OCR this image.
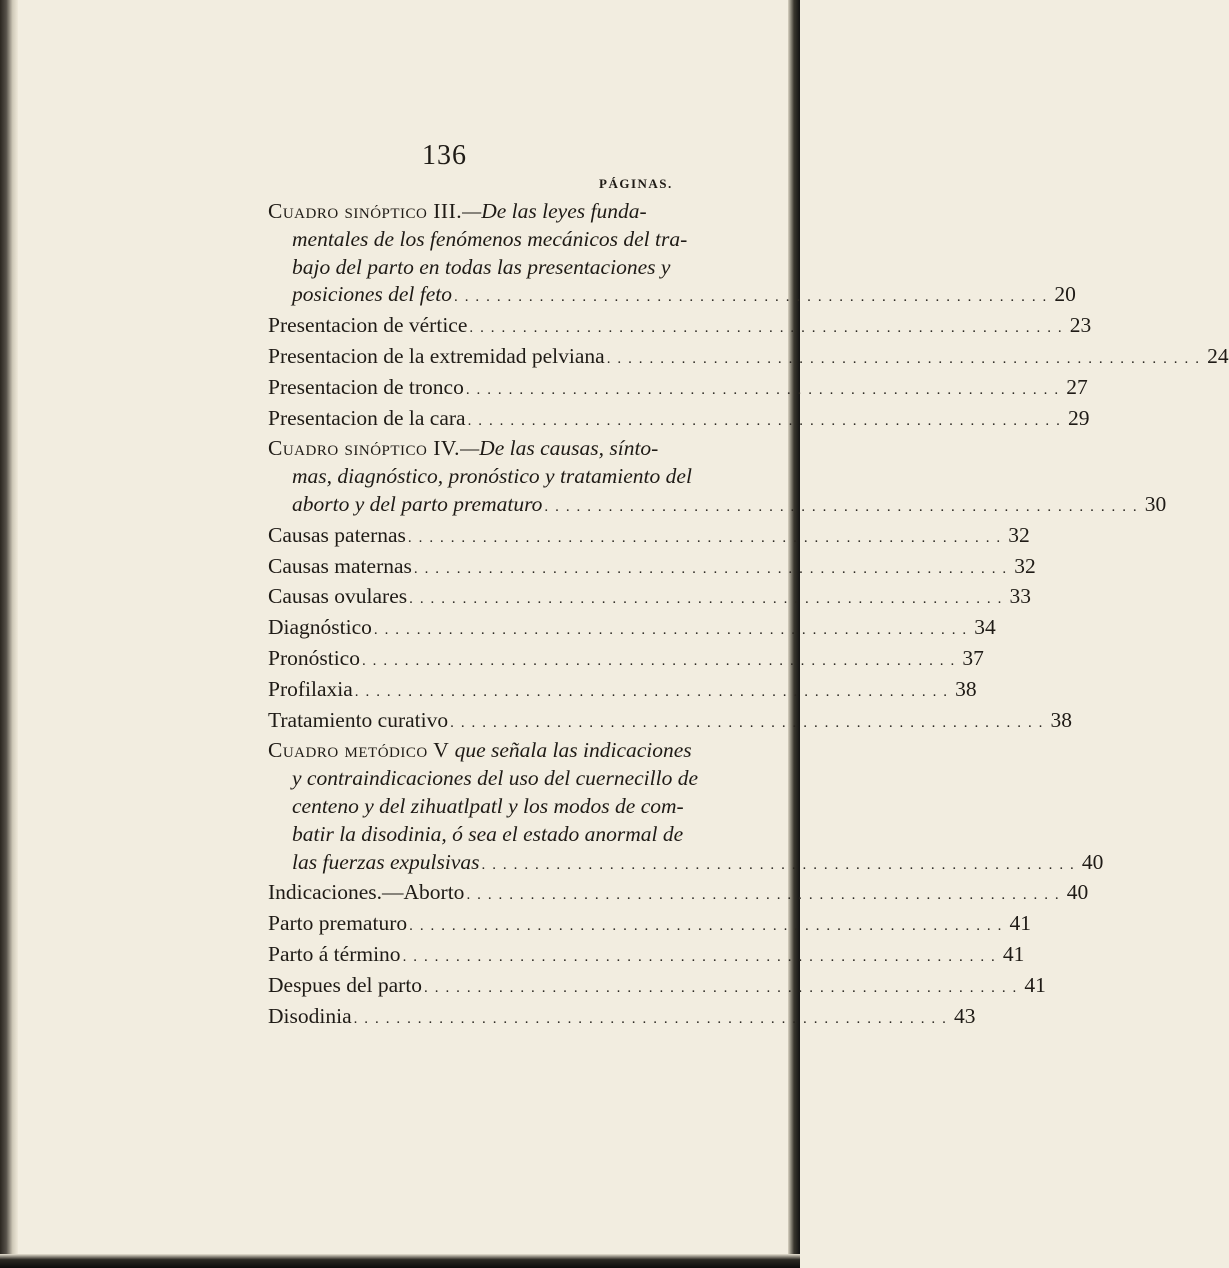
136
PÁGINAS.
Cuadro sinóptico III.—De las leyes funda-
mentales de los fenómenos mecánicos del tra-
bajo del parto en todas las presentaciones y
posiciones del feto . . . . . . . . . . . . . . . . . . . . . . . . . . . . . . . . . . . . . . . . . . . . . . . . . . . . . . . . 20
Presentacion de vértice . . . . . . . . . . . . . . . . . . . . . . . . . . . . . . . . . . . . . . . . . . . . . . . . . . . . . . . . 23
Presentacion de la extremidad pelviana . . . . . . . . . . . . . . . . . . . . . . . . . . . . . . . . . . . . . . . . . . . . . . . . . . . . . . . . 24
Presentacion de tronco . . . . . . . . . . . . . . . . . . . . . . . . . . . . . . . . . . . . . . . . . . . . . . . . . . . . . . . . 27
Presentacion de la cara . . . . . . . . . . . . . . . . . . . . . . . . . . . . . . . . . . . . . . . . . . . . . . . . . . . . . . . . 29
Cuadro sinóptico IV.—De las causas, sínto-
mas, diagnóstico, pronóstico y tratamiento del
aborto y del parto prematuro . . . . . . . . . . . . . . . . . . . . . . . . . . . . . . . . . . . . . . . . . . . . . . . . . . . . . . . . 30
Causas paternas . . . . . . . . . . . . . . . . . . . . . . . . . . . . . . . . . . . . . . . . . . . . . . . . . . . . . . . . 32
Causas maternas . . . . . . . . . . . . . . . . . . . . . . . . . . . . . . . . . . . . . . . . . . . . . . . . . . . . . . . . 32
Causas ovulares . . . . . . . . . . . . . . . . . . . . . . . . . . . . . . . . . . . . . . . . . . . . . . . . . . . . . . . . 33
Diagnóstico . . . . . . . . . . . . . . . . . . . . . . . . . . . . . . . . . . . . . . . . . . . . . . . . . . . . . . . . 34
Pronóstico . . . . . . . . . . . . . . . . . . . . . . . . . . . . . . . . . . . . . . . . . . . . . . . . . . . . . . . . 37
Profilaxia . . . . . . . . . . . . . . . . . . . . . . . . . . . . . . . . . . . . . . . . . . . . . . . . . . . . . . . . 38
Tratamiento curativo . . . . . . . . . . . . . . . . . . . . . . . . . . . . . . . . . . . . . . . . . . . . . . . . . . . . . . . . 38
Cuadro metódico V que señala las indicaciones
y contraindicaciones del uso del cuernecillo de
centeno y del zihuatlpatl y los modos de com-
batir la disodinia, ó sea el estado anormal de
las fuerzas expulsivas . . . . . . . . . . . . . . . . . . . . . . . . . . . . . . . . . . . . . . . . . . . . . . . . . . . . . . . . 40
Indicaciones.—Aborto . . . . . . . . . . . . . . . . . . . . . . . . . . . . . . . . . . . . . . . . . . . . . . . . . . . . . . . . 40
Parto prematuro . . . . . . . . . . . . . . . . . . . . . . . . . . . . . . . . . . . . . . . . . . . . . . . . . . . . . . . . 41
Parto á término . . . . . . . . . . . . . . . . . . . . . . . . . . . . . . . . . . . . . . . . . . . . . . . . . . . . . . . . 41
Despues del parto . . . . . . . . . . . . . . . . . . . . . . . . . . . . . . . . . . . . . . . . . . . . . . . . . . . . . . . . 41
Disodinia . . . . . . . . . . . . . . . . . . . . . . . . . . . . . . . . . . . . . . . . . . . . . . . . . . . . . . . . 43
